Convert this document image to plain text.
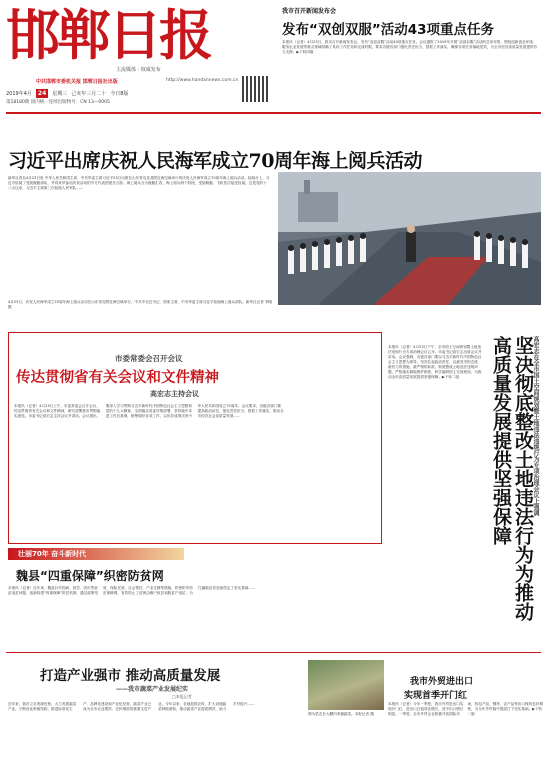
邯郸日报
主流媒体 · 权威发布
中共邯郸市委机关报 邯郸日报社出版	http://www.handannews.com.cn
2019年4月	24	星期三 己亥年三月二十 今日8版
第18180期 国内统一连续出版物号：CN 13—0005
我市召开新闻发布会
发布“双创双服”活动43项重点任务
本报讯（记者）4月23日，我市召开新闻发布会，发布“双创双服”活动43项重点任务。会议通报了2019年开展“双创双服”活动的总体安排，围绕创新创业环境、服务企业发展等重点领域明确了具体工作任务和完成时限，要求各级各部门强化责任担当，狠抓工作落实，确保各项任务落地见效，为全市经济高质量发展提供有力支撑。▶下转四版
习近平出席庆祝人民海军成立70周年海上阅兵活动
新华社青岛4月23日电 中华人民共和国主席、中央军委主席习近平23日出席在山东青岛及其附近海空域举行的庆祝人民海军成立70周年海上阅兵活动。检阅台上，习近平检阅了受阅舰艇部队，并同来华参加庆祝活动的外方代表团团长合影。海上阅兵分为舰艇汇攻、海上阅兵两个阶段，受阅舰艇、飞机依次接受检阅。这是党的十八大以来，习近平主席第三次检阅人民军队……
4月23日，庆祝人民海军成立70周年海上阅兵活动在山东青岛附近海空域举行。中共中央总书记、国家主席、中央军委主席习近平检阅海上阅兵部队。新华社记者 李刚 摄
市委常委会召开会议
传达贯彻省有关会议和文件精神
高宏志主持会议
本报讯（记者）4月23日上午，市委常委会召开会议，传达贯彻省有关会议和文件精神，研究部署我市贯彻落实意见。市委书记高宏志主持会议并讲话。会议指出，要深入学习贯彻习近平新时代中国特色社会主义思想和党的十九大精神，全面落实省委决策部署，坚持稳中求进工作总基调，统筹做好各项工作，以优异成绩庆祝中华人民共和国成立70周年。会议要求，各级各部门要提高政治站位，强化责任担当，狠抓工作落实，推动全市经济社会高质量发展……
本报讯（记者）4月23日下午，全市国土空间规划暨土地违法违规行为专项治理会议召开。市委书记高宏志出席会议并讲话。会议强调，各级各部门要以习近平新时代中国特色社会主义思想为指导，坚决扛起政治责任，以最坚决的态度、最有力的措施、最严格的标准，彻底整改土地违法违规问题，严格落实耕地保护制度，科学编制国土空间规划，为推动全市高质量发展提供坚强保障。▶下转二版	坚决彻底整改土地违法行为为推动高质量发展提供坚强保障	高宏志在全市国土空间规划暨土地违法违规行为专项治理会议上强调
壮丽70年 奋斗新时代
魏县“四重保障”织密防贫网
本报讯（记者）近年来，魏县针对因病、因学、因灾等致贫返贫问题，创新构建“四重保障”防贫机制，通过政策兜底、保险托底、社会帮扶、产业支撑等措施，织密织牢防贫保障网，有效防止了贫困边缘户致贫和脱贫户返贫，为打赢脱贫攻坚战奠定了坚实基础……
打造产业强市 推动高质量发展
——我市蔬菜产业发展纪实
□本报记者
近年来，我市立足资源优势，大力发展蔬菜产业，不断优化种植结构，推进标准化生产、品牌化建设和产业化经营，蔬菜产业已成为全市农业增效、农民增收的重要支柱产业。今年以来，各地抢抓农时，扩大设施蔬菜种植面积，推动蔬菜产业提质增效，助力乡村振兴……
图为菜农在大棚内采摘蔬菜。本报记者 摄
我市外贸进出口
实现首季开门红
本报讯（记者）今年一季度，我市外贸进出口实现开门红，进出口总值同比增长，其中出口增长明显。一季度，全市外贸企业积极开拓国际市场，机电产品、钢材、农产品等出口保持良好增势，为全年外贸稳中提质打下坚实基础。▶下转二版
